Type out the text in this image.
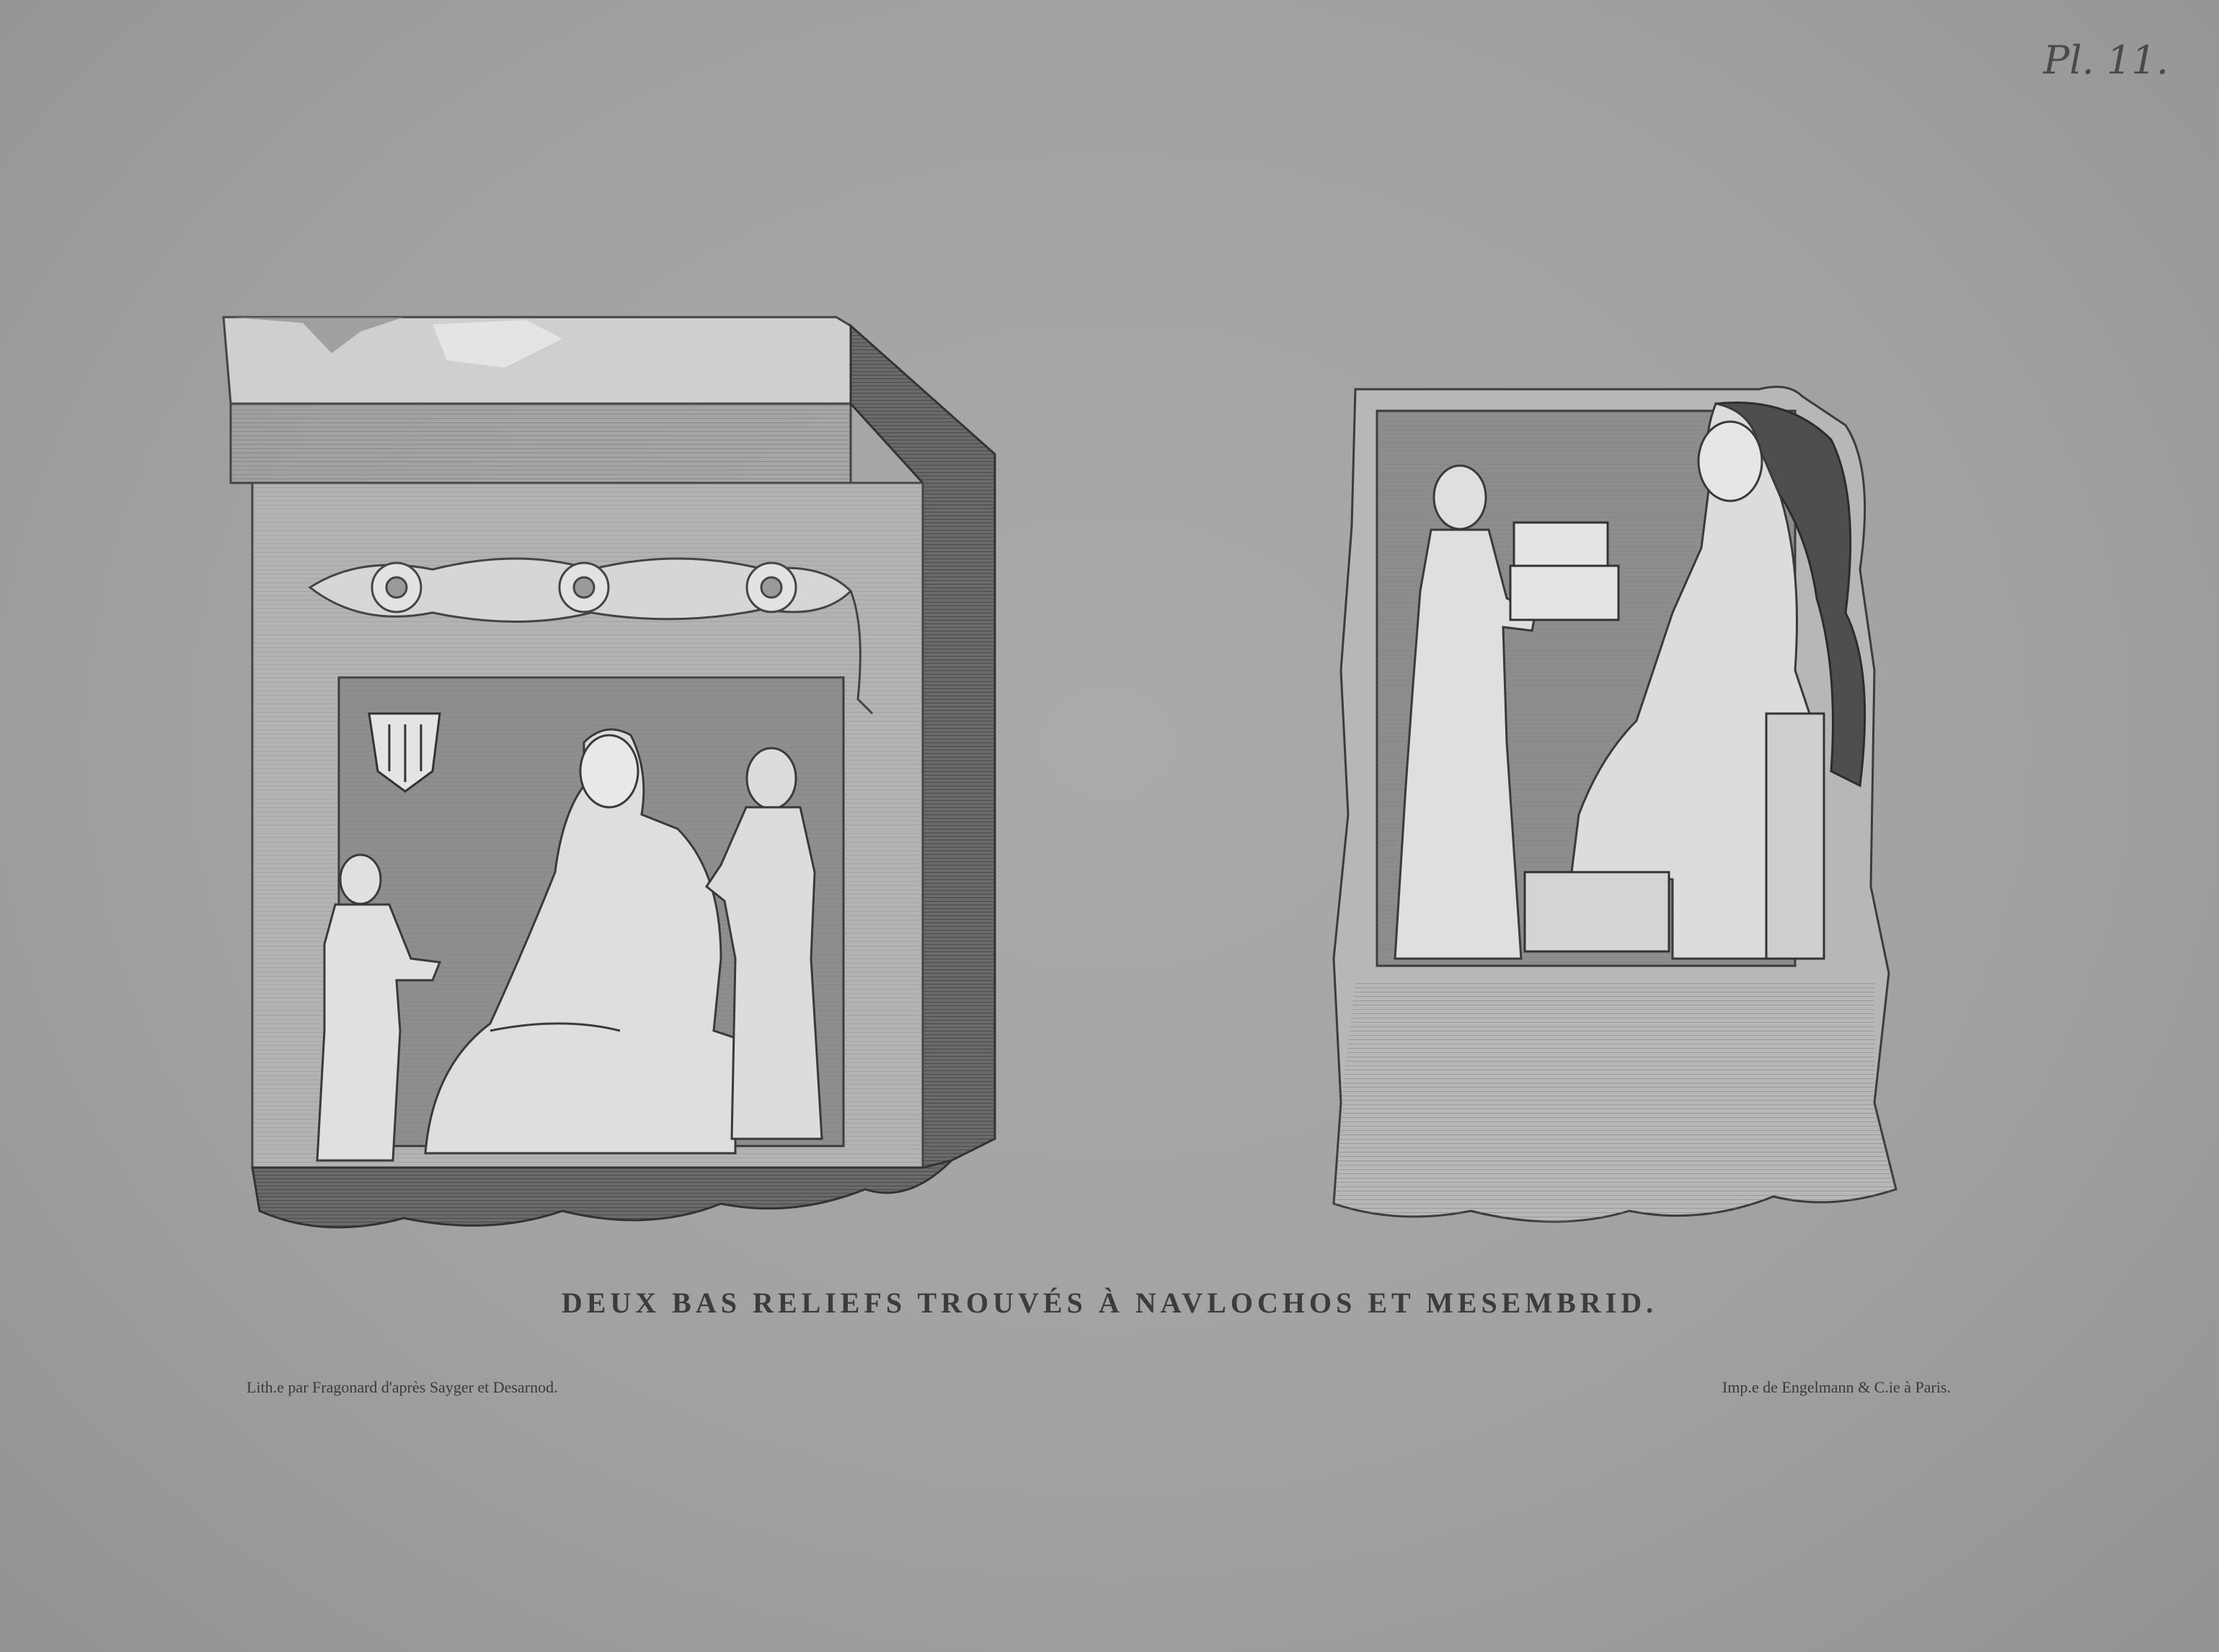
Pl. 11.
DEUX BAS RELIEFS TROUVÉS À NAVLOCHOS ET MESEMBRID.
Lith.e par Fragonard d'après Sayger et Desarnod.	Imp.e de Engelmann & C.ie à Paris.
